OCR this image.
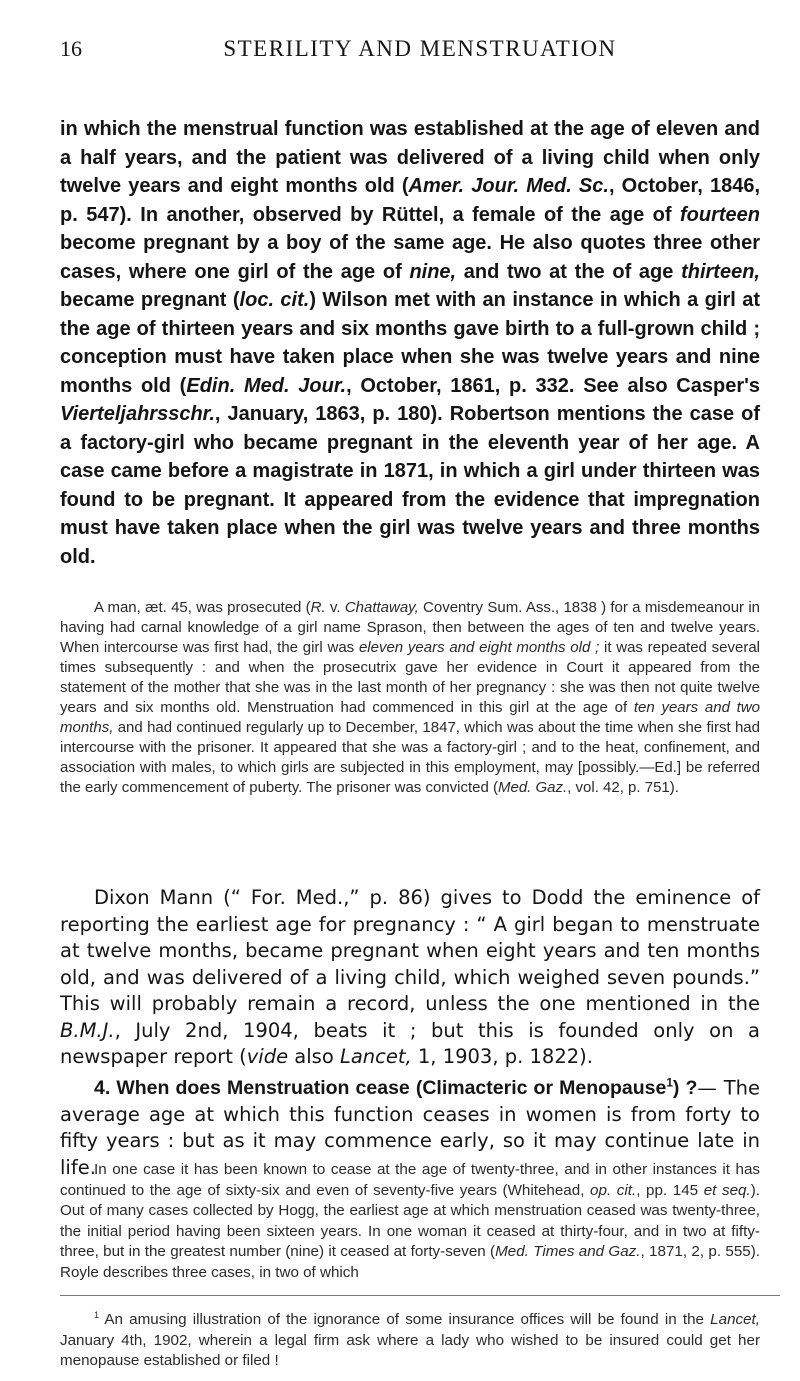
16	STERILITY AND MENSTRUATION

in which the menstrual function was established at the age of eleven and a half years, and the patient was delivered of a living child when only twelve years and eight months old (Amer. Jour. Med. Sc., October, 1846, p. 547). In another, observed by Rüttel, a female of the age of fourteen become pregnant by a boy of the same age. He also quotes three other cases, where one girl of the age of nine, and two at the of age thirteen, became pregnant (loc. cit.) Wilson met with an instance in which a girl at the age of thirteen years and six months gave birth to a full-grown child ; conception must have taken place when she was twelve years and nine months old (Edin. Med. Jour., October, 1861, p. 332. See also Casper's Vierteljahrsschr., January, 1863, p. 180). Robertson mentions the case of a factory-girl who became pregnant in the eleventh year of her age. A case came before a magistrate in 1871, in which a girl under thirteen was found to be pregnant. It appeared from the evidence that impregnation must have taken place when the girl was twelve years and three months old.

A man, æt. 45, was prosecuted (R. v. Chattaway, Coventry Sum. Ass., 1838 ) for a misdemeanour in having had carnal knowledge of a girl name Sprason, then between the ages of ten and twelve years. When intercourse was first had, the girl was eleven years and eight months old ; it was repeated several times subsequently : and when the prosecutrix gave her evidence in Court it appeared from the statement of the mother that she was in the last month of her pregnancy : she was then not quite twelve years and six months old. Menstruation had commenced in this girl at the age of ten years and two months, and had continued regularly up to December, 1847, which was about the time when she first had intercourse with the prisoner. It appeared that she was a factory-girl ; and to the heat, confinement, and association with males, to which girls are subjected in this employment, may [possibly.—Ed.] be referred the early commencement of puberty. The prisoner was convicted (Med. Gaz., vol. 42, p. 751).

Dixon Mann (“ For. Med.,” p. 86) gives to Dodd the eminence of reporting the earliest age for pregnancy : “ A girl began to menstruate at twelve months, became pregnant when eight years and ten months old, and was delivered of a living child, which weighed seven pounds.” This will probably remain a record, unless the one mentioned in the B.M.J., July 2nd, 1904, beats it ; but this is founded only on a newspaper report (vide also Lancet, 1, 1903, p. 1822).

4. When does Menstruation cease (Climacteric or Menopause$^1$) ?— The average age at which this function ceases in women is from forty to fifty years : but as it may commence early, so it may continue late in life.

In one case it has been known to cease at the age of twenty-three, and in other instances it has continued to the age of sixty-six and even of seventy-five years (Whitehead, op. cit., pp. 145 et seq.). Out of many cases collected by Hogg, the earliest age at which menstruation ceased was twenty-three, the initial period having been sixteen years. In one woman it ceased at thirty-four, and in two at fifty-three, but in the greatest number (nine) it ceased at forty-seven (Med. Times and Gaz., 1871, 2, p. 555). Royle describes three cases, in two of which

$^1$ An amusing illustration of the ignorance of some insurance offices will be found in the Lancet, January 4th, 1902, wherein a legal firm ask where a lady who wished to be insured could get her menopause established or filed !
